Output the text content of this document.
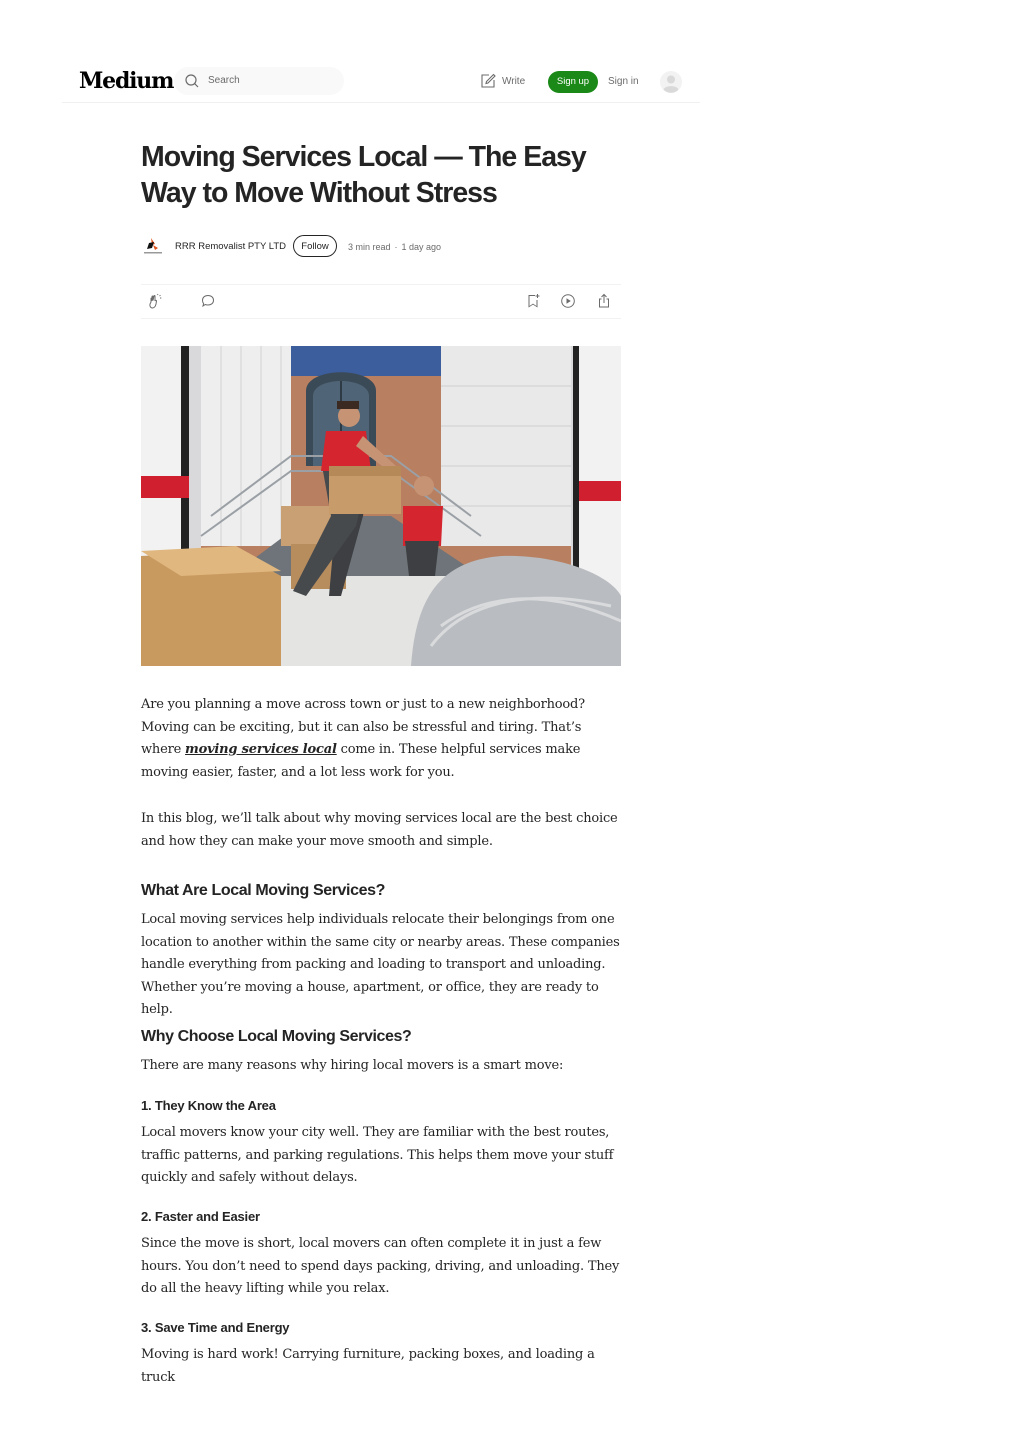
Medium
Search	Write	Sign up	Sign in
Moving Services Local — The Easy Way to Move Without Stress
RRR Removalist PTY LTD	Follow	3 min read · 1 day ago

Are you planning a move across town or just to a new neighborhood? Moving can be exciting, but it can also be stressful and tiring. That’s where moving services local come in. These helpful services make moving easier, faster, and a lot less work for you.

In this blog, we’ll talk about why moving services local are the best choice and how they can make your move smooth and simple.

What Are Local Moving Services?

Local moving services help individuals relocate their belongings from one location to another within the same city or nearby areas. These companies handle everything from packing and loading to transport and unloading. Whether you’re moving a house, apartment, or office, they are ready to help.

Why Choose Local Moving Services?

There are many reasons why hiring local movers is a smart move:

1. They Know the Area

Local movers know your city well. They are familiar with the best routes, traffic patterns, and parking regulations. This helps them move your stuff quickly and safely without delays.

2. Faster and Easier

Since the move is short, local movers can often complete it in just a few hours. You don’t need to spend days packing, driving, and unloading. They do all the heavy lifting while you relax.

3. Save Time and Energy

Moving is hard work! Carrying furniture, packing boxes, and loading a truck
